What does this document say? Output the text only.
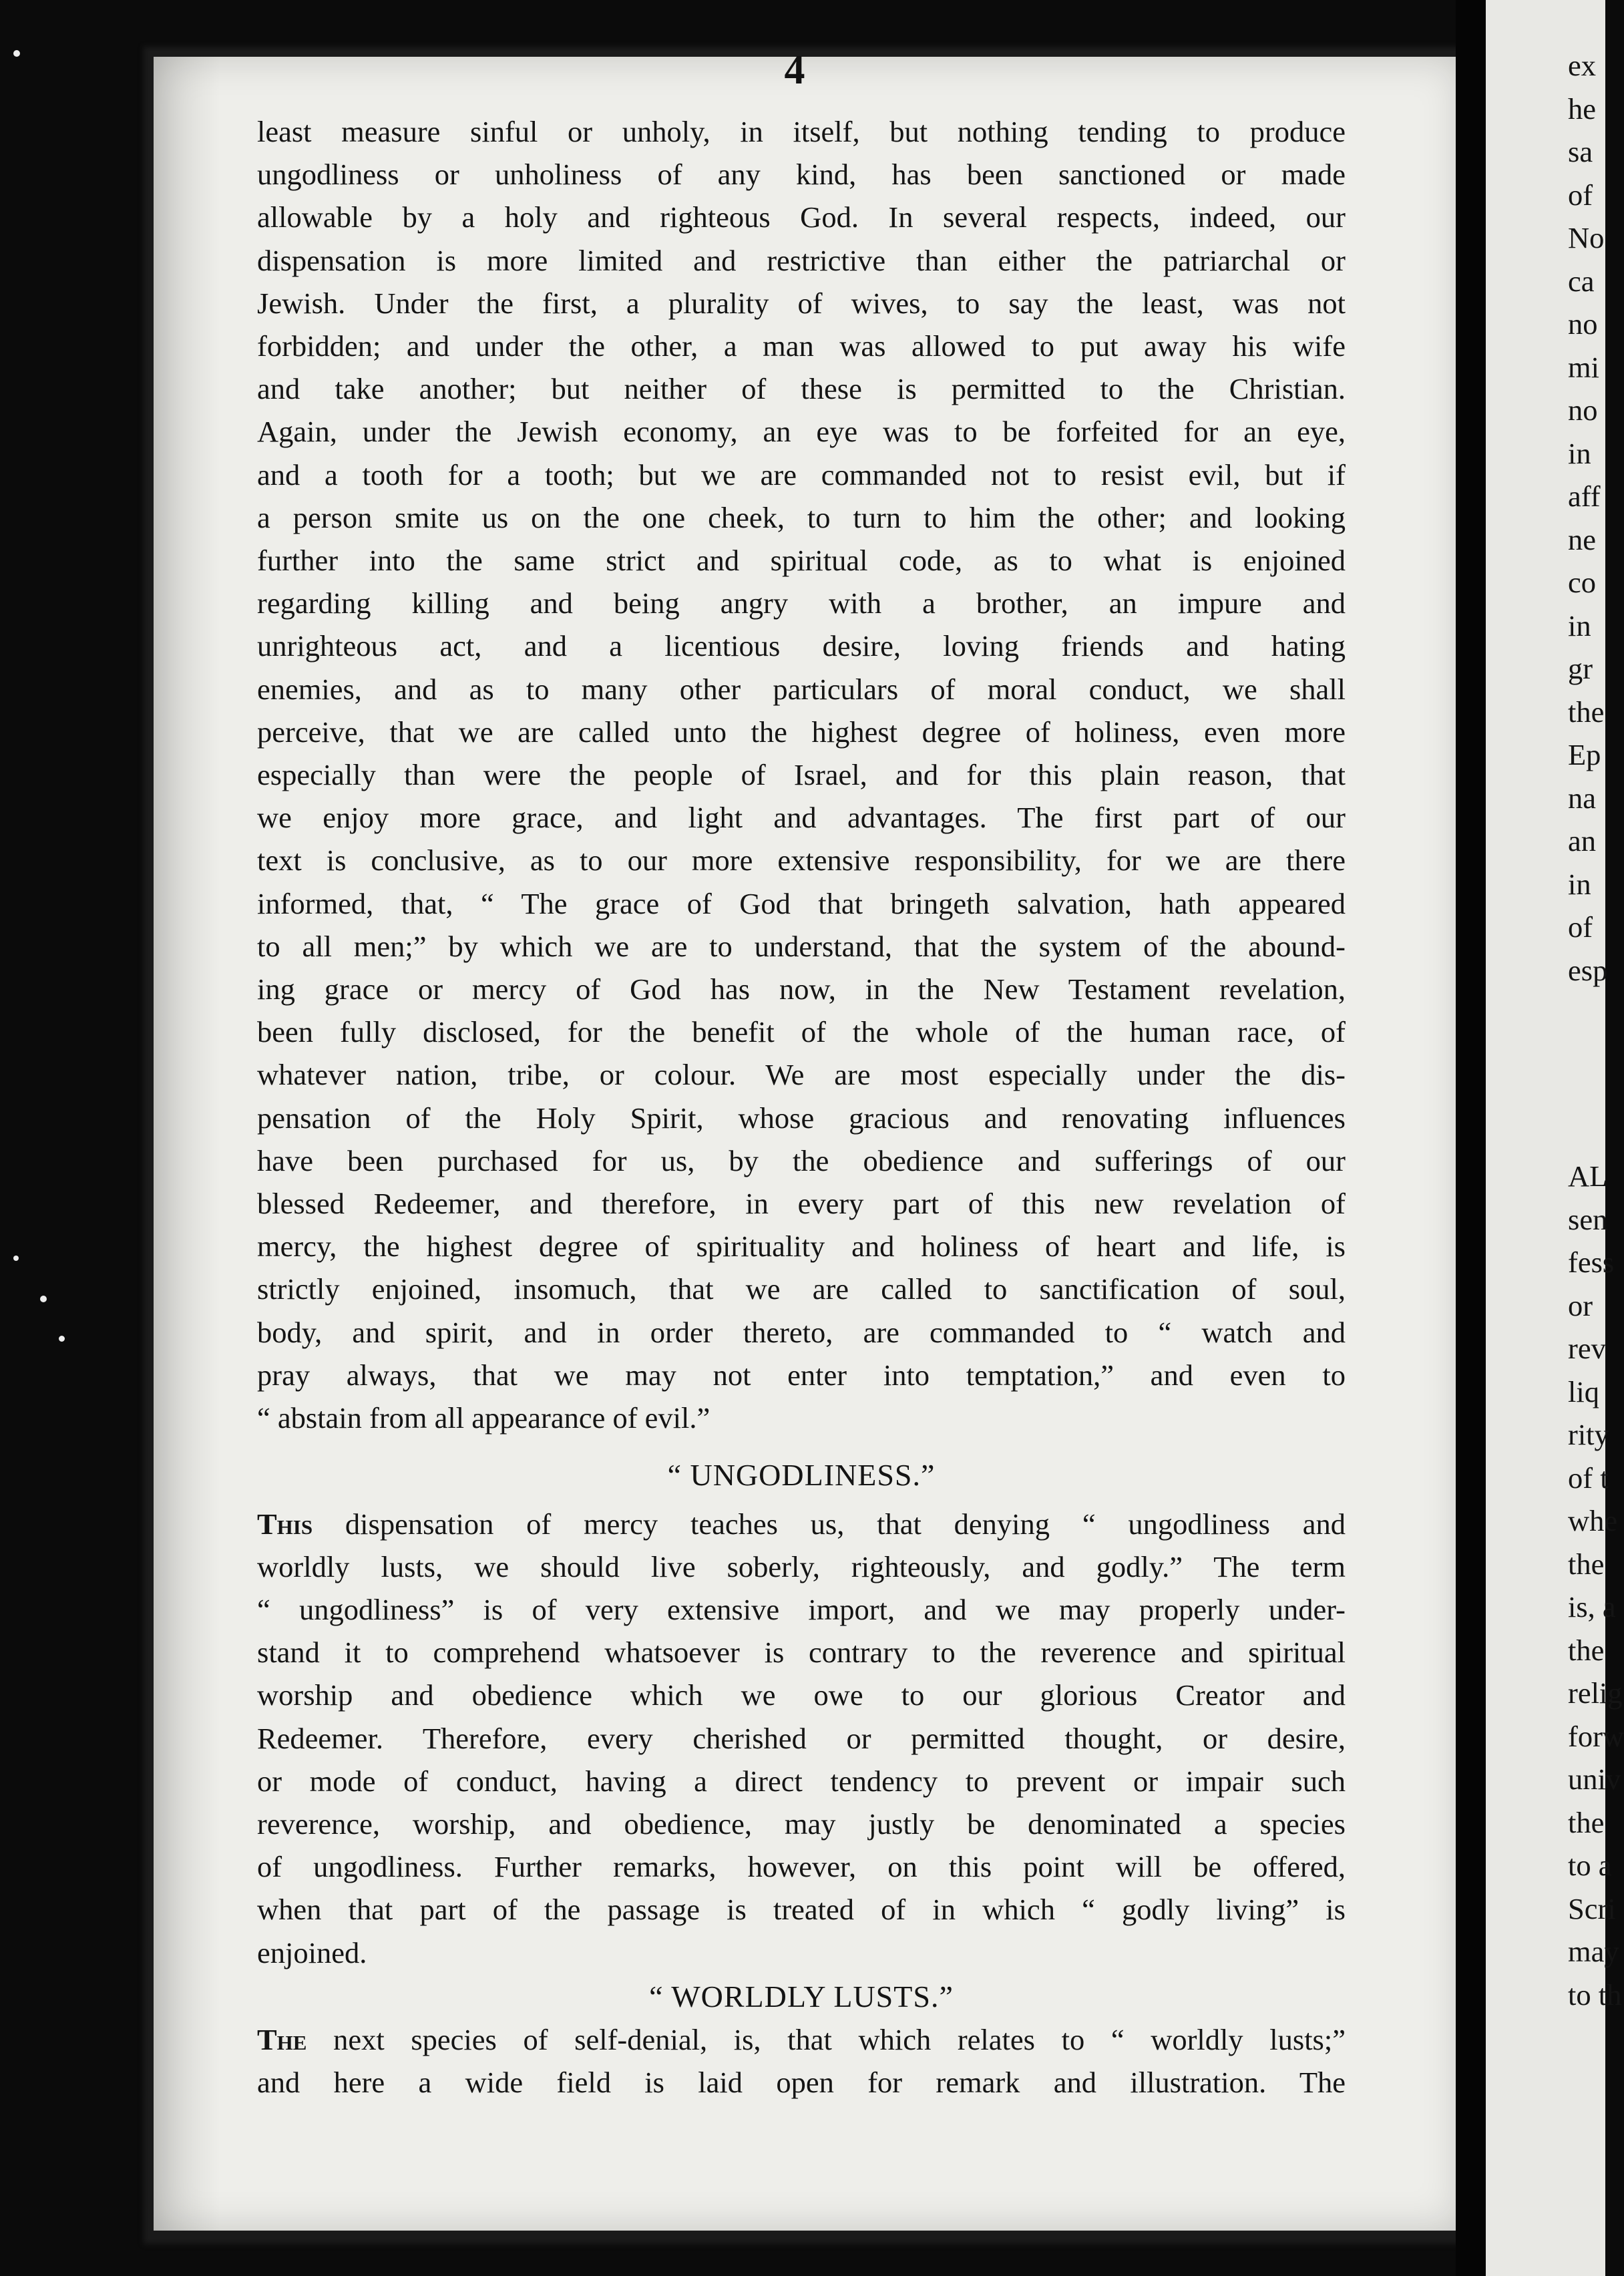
4
least measure sinful or unholy, in itself, but nothing tending to produce
ungodliness or unholiness of any kind, has been sanctioned or made
allowable by a holy and righteous God. In several respects, indeed, our
dispensation is more limited and restrictive than either the patriarchal or
Jewish. Under the first, a plurality of wives, to say the least, was not
forbidden; and under the other, a man was allowed to put away his wife
and take another; but neither of these is permitted to the Christian.
Again, under the Jewish economy, an eye was to be forfeited for an eye,
and a tooth for a tooth; but we are commanded not to resist evil, but if
a person smite us on the one cheek, to turn to him the other; and looking
further into the same strict and spiritual code, as to what is enjoined
regarding killing and being angry with a brother, an impure and
unrighteous act, and a licentious desire, loving friends and hating
enemies, and as to many other particulars of moral conduct, we shall
perceive, that we are called unto the highest degree of holiness, even more
especially than were the people of Israel, and for this plain reason, that
we enjoy more grace, and light and advantages. The first part of our
text is conclusive, as to our more extensive responsibility, for we are there
informed, that, “ The grace of God that bringeth salvation, hath appeared
to all men;” by which we are to understand, that the system of the abound-
ing grace or mercy of God has now, in the New Testament revelation,
been fully disclosed, for the benefit of the whole of the human race, of
whatever nation, tribe, or colour. We are most especially under the dis-
pensation of the Holy Spirit, whose gracious and renovating influences
have been purchased for us, by the obedience and sufferings of our
blessed Redeemer, and therefore, in every part of this new revelation of
mercy, the highest degree of spirituality and holiness of heart and life, is
strictly enjoined, insomuch, that we are called to sanctification of soul,
body, and spirit, and in order thereto, are commanded to “ watch and
pray always, that we may not enter into temptation,” and even to
“ abstain from all appearance of evil.”
“ UNGODLINESS.”
This dispensation of mercy teaches us, that denying “ ungodliness and
worldly lusts, we should live soberly, righteously, and godly.” The term
“ ungodliness” is of very extensive import, and we may properly under-
stand it to comprehend whatsoever is contrary to the reverence and spiritual
worship and obedience which we owe to our glorious Creator and
Redeemer. Therefore, every cherished or permitted thought, or desire,
or mode of conduct, having a direct tendency to prevent or impair such
reverence, worship, and obedience, may justly be denominated a species
of ungodliness. Further remarks, however, on this point will be offered,
when that part of the passage is treated of in which “ godly living” is
enjoined.
“ WORLDLY LUSTS.”
The next species of self-denial, is, that which relates to “ worldly lusts;”
and here a wide field is laid open for remark and illustration. The
ex
he
sa
of
No
ca
no
mi
no
in
aff
ne
co
in
gr
the
Ep
na
an
in
of
esp
AL
sen
fess
or
rev
liq
rity
of t
whe
the
is, a
the
relig
forw
univ
the
to a
Scri
may
to th
